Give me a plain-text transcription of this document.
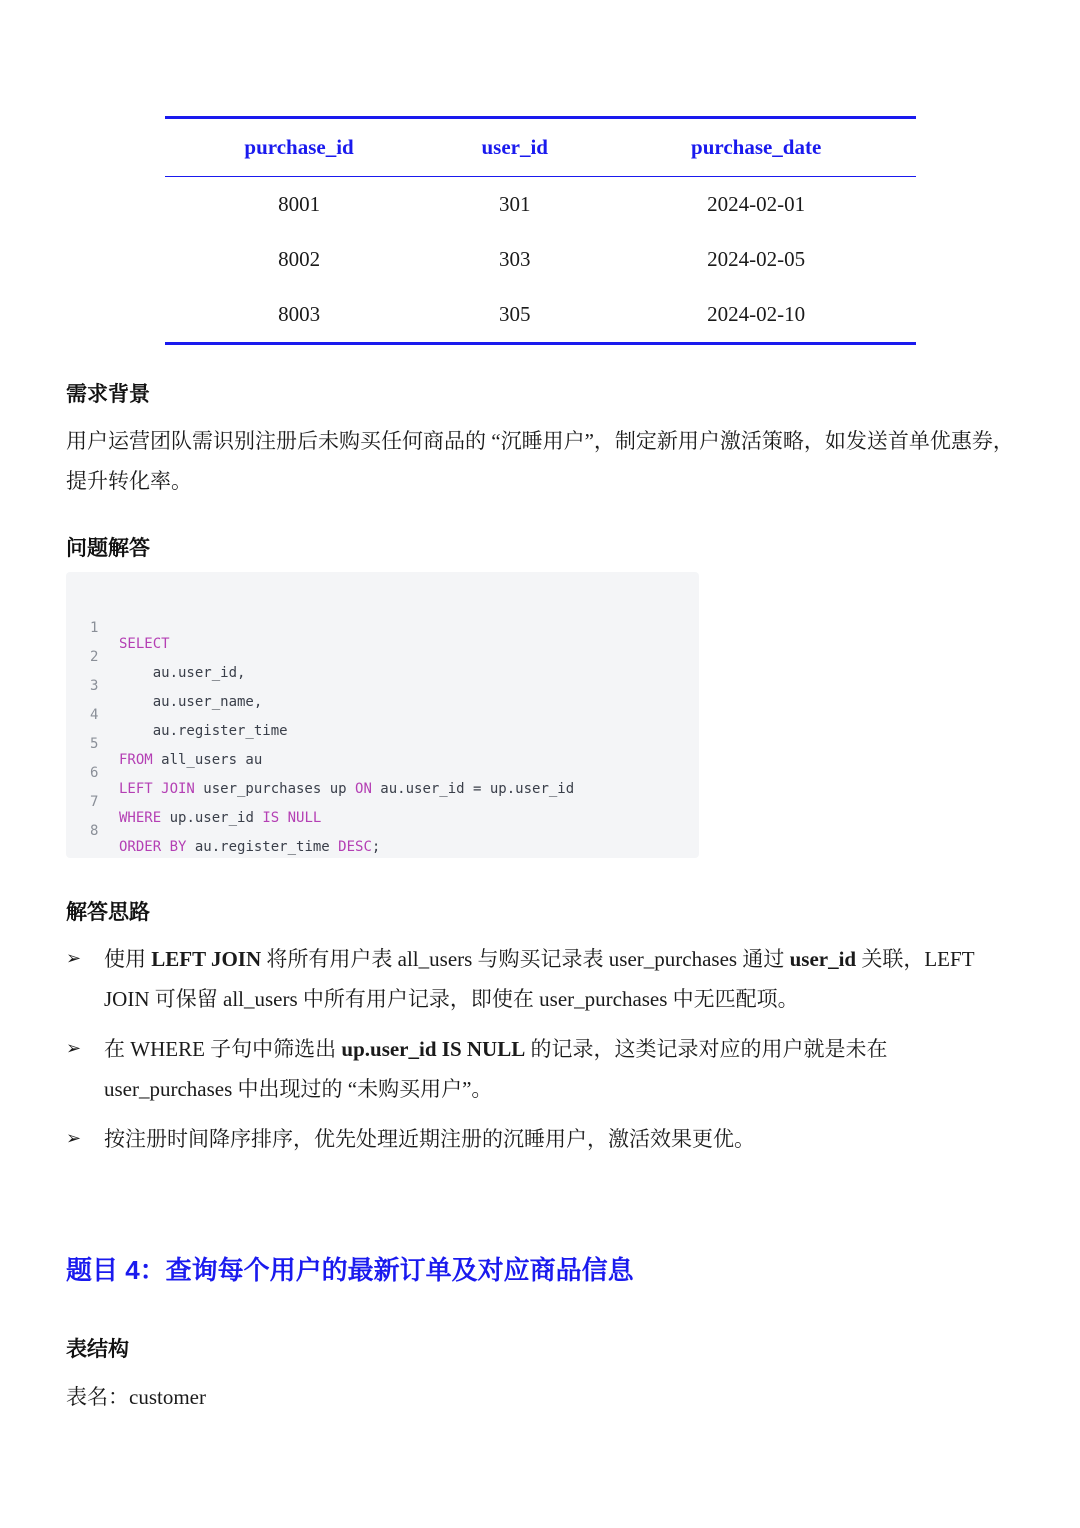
purchase_id	user_id	purchase_date
8001	301	2024-02-01
8002	303	2024-02-05
8003	305	2024-02-10
需求背景

用户运营团队需识别注册后未购买任何商品的 “沉睡用户”，制定新用户激活策略，如发送首单优惠券，提升转化率。

问题解答

1

SELECT

2

au.user_id,

3

au.user_name,

4

au.register_time

5

FROM all_users au

6

LEFT JOIN user_purchases up ON au.user_id = up.user_id

7

WHERE up.user_id IS NULL

8

ORDER BY au.register_time DESC;

解答思路
➢ 使用 LEFT JOIN 将所有用户表 all_users 与购买记录表 user_purchases 通过 user_id 关联，LEFT JOIN 可保留 all_users 中所有用户记录，即使在 user_purchases 中无匹配项。
➢ 在 WHERE 子句中筛选出 up.user_id IS NULL 的记录，这类记录对应的用户就是未在 user_purchases 中出现过的 “未购买用户”。
➢ 按注册时间降序排序，优先处理近期注册的沉睡用户，激活效果更优。
题目 4：查询每个用户的最新订单及对应商品信息
表结构

表名：customer
